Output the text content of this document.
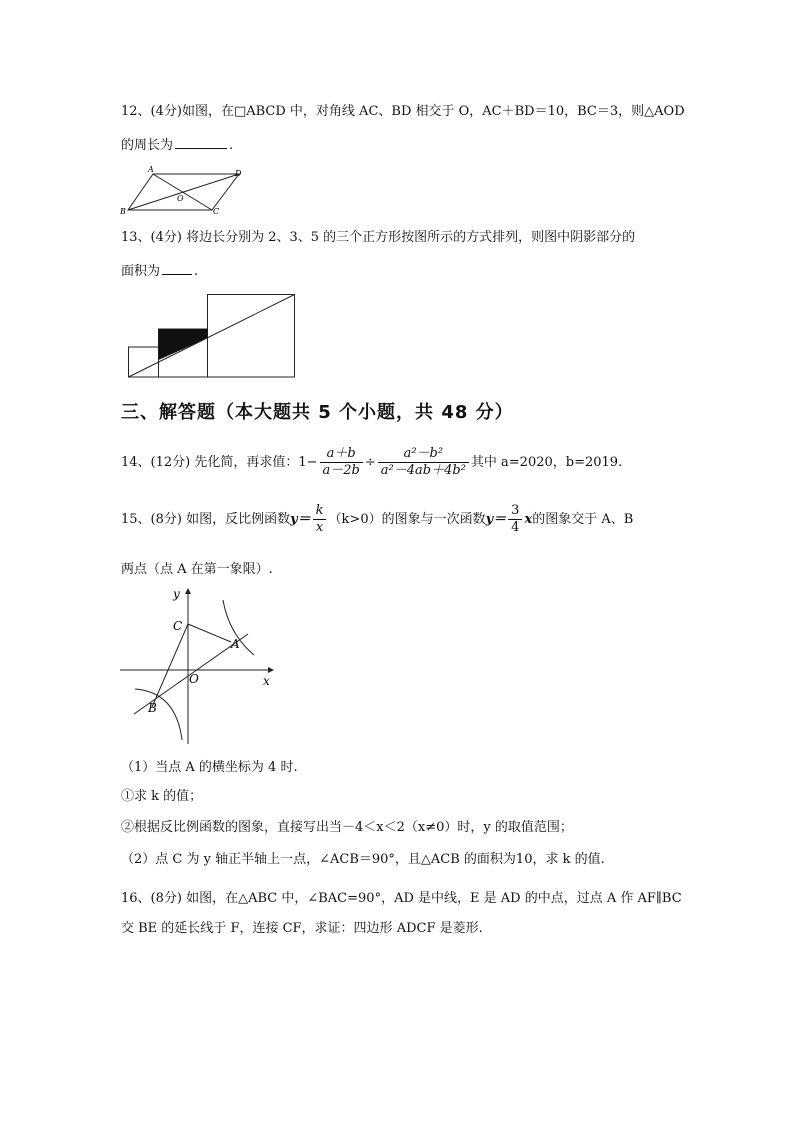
12、(4分)如图，在□ABCD 中，对角线 AC、BD 相交于 O，AC＋BD＝10，BC＝3，则△AOD
的周长为	.
A
B	C
D
O
13、(4分) 将边长分别为 2、3、5 的三个正方形按图所示的方式排列，则图中阴影部分的
面积为	.
三、解答题（本大题共 5 个小题，共 48 分）
14、(12分) 先化简，再求值：$1- \frac{a+b}{a-2b} \div \frac{\text{a²－b²}}{\text{a²－4ab＋4b²}}$ 其中 a=2020，b=2019.
15、(8分) 如图，反比例函数$y= \frac{k}{x} (k>0)$的图象与一次函数$y= \frac{3}{4}$ x的图象交于 A、B
两点（点 A 在第一象限）.
C
A
B
O	x
y
（1）当点 A 的横坐标为 4 时.
①求 k 的值；
②根据反比例函数的图象，直接写出当－4＜x＜2（x≠0）时，y 的取值范围；
（2）点 C 为 y 轴正半轴上一点，∠ACB＝90°，且△ACB 的面积为10，求 k 的值.
16、(8分) 如图，在△ABC 中，∠BAC=90°，AD 是中线，E 是 AD 的中点，过点 A 作 AF∥BC
交 BE 的延长线于 F，连接 CF，求证：四边形 ADCF 是菱形.
